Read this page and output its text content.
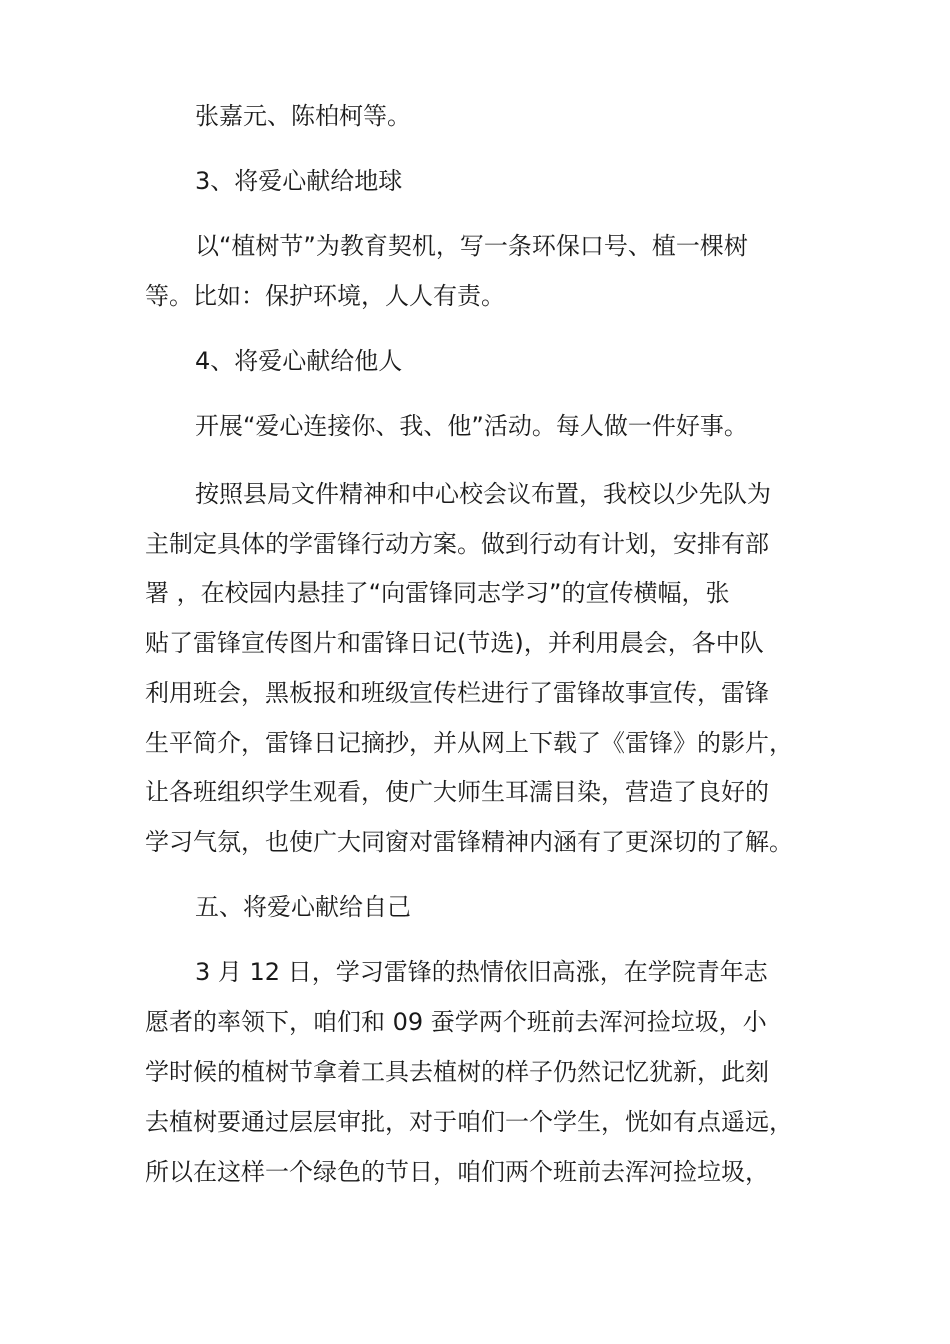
张嘉元、陈柏柯等。
3、将爱心献给地球
以“植树节”为教育契机，写一条环保口号、植一棵树
等。比如：保护环境，人人有责。
4、将爱心献给他人
开展“爱心连接你、我、他”活动。每人做一件好事。
按照县局文件精神和中心校会议布置，我校以少先队为
主制定具体的学雷锋行动方案。做到行动有计划，安排有部
署 ，在校园内悬挂了“向雷锋同志学习”的宣传横幅，张
贴了雷锋宣传图片和雷锋日记(节选)，并利用晨会，各中队
利用班会，黑板报和班级宣传栏进行了雷锋故事宣传，雷锋
生平简介，雷锋日记摘抄，并从网上下载了《雷锋》的影片，
让各班组织学生观看，使广大师生耳濡目染，营造了良好的
学习气氛，也使广大同窗对雷锋精神内涵有了更深切的了解。
五、将爱心献给自己
3 月 12 日，学习雷锋的热情依旧高涨，在学院青年志
愿者的率领下，咱们和 09 蚕学两个班前去浑河捡垃圾，小
学时候的植树节拿着工具去植树的样子仍然记忆犹新，此刻
去植树要通过层层审批，对于咱们一个学生，恍如有点遥远，
所以在这样一个绿色的节日，咱们两个班前去浑河捡垃圾，
